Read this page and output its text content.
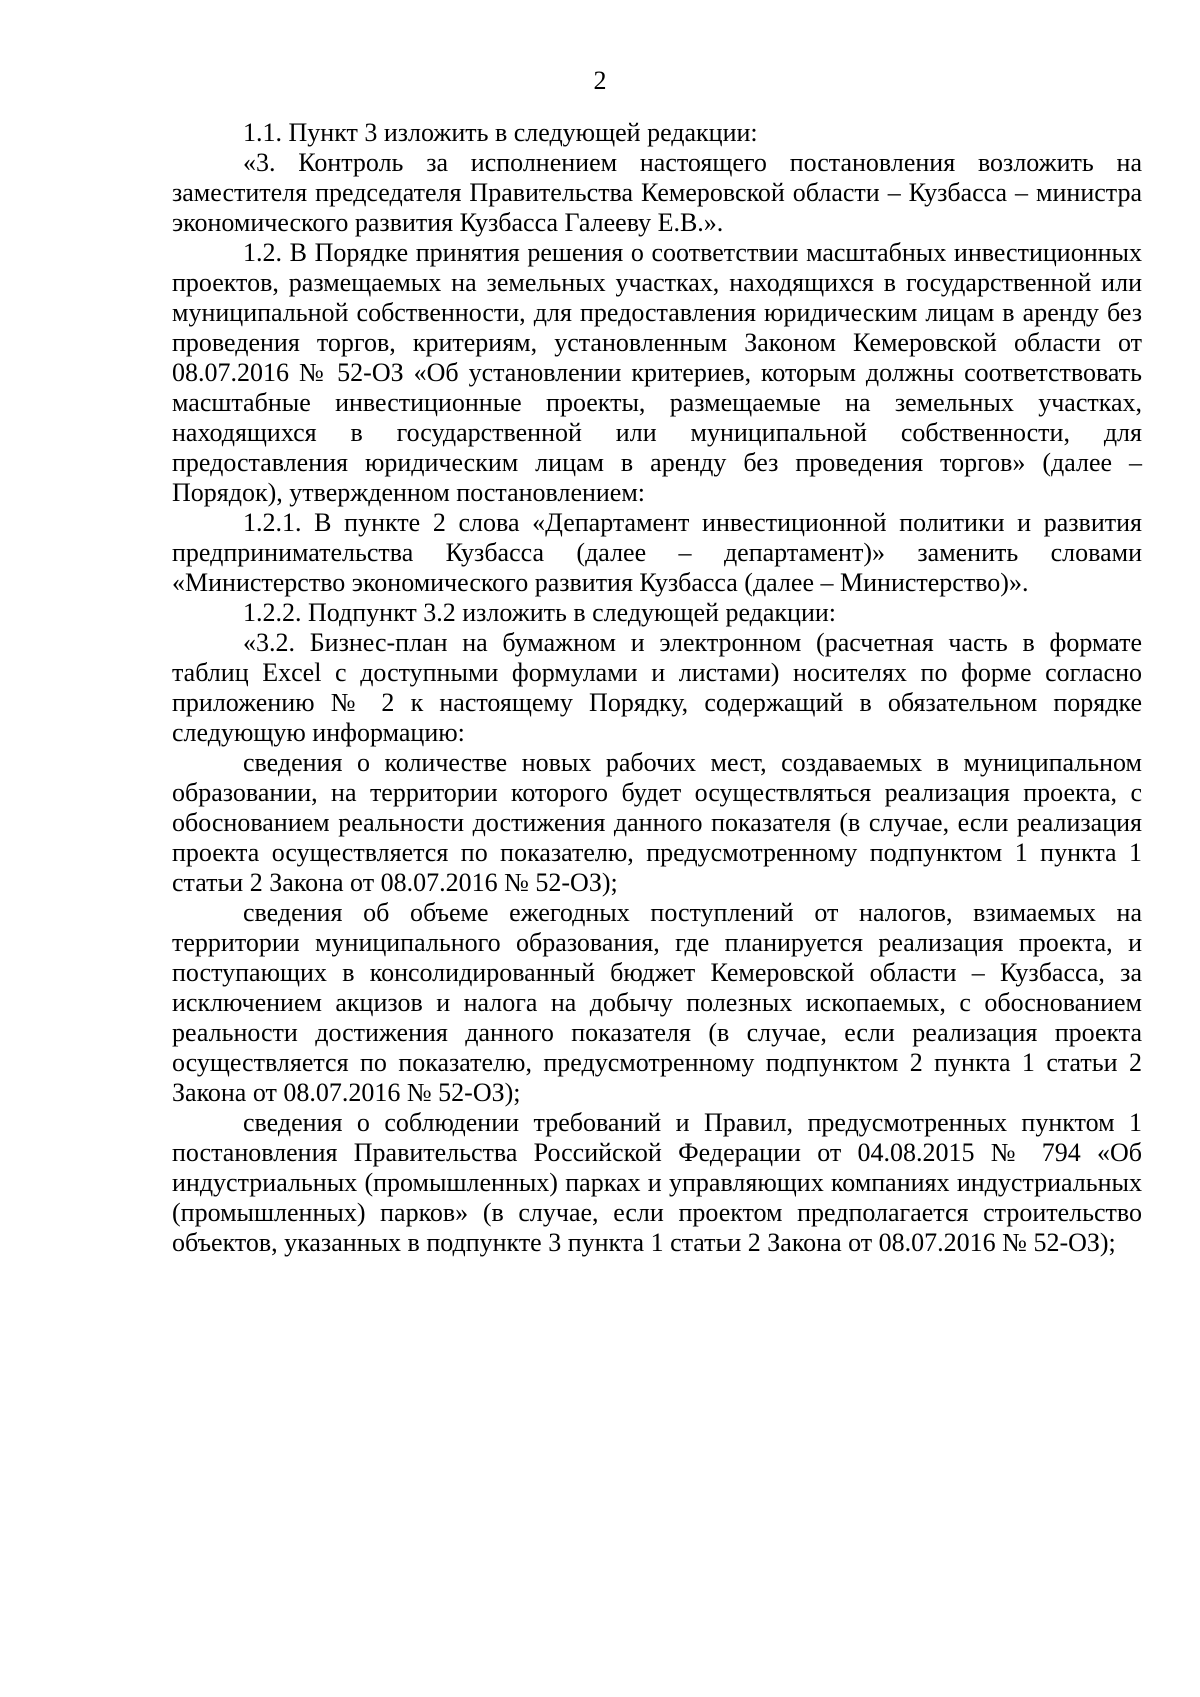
2

1.1. Пункт 3 изложить в следующей редакции:

«3. Контроль за исполнением настоящего постановления возложить на заместителя председателя Правительства Кемеровской области – Кузбасса – министра экономического развития Кузбасса Галееву Е.В.».

1.2. В Порядке принятия решения о соответствии масштабных инвестиционных проектов, размещаемых на земельных участках, находящихся в государственной или муниципальной собственности, для предоставления юридическим лицам в аренду без проведения торгов, критериям, установленным Законом Кемеровской области от 08.07.2016 № 52-ОЗ «Об установлении критериев, которым должны соответствовать масштабные инвестиционные проекты, размещаемые на земельных участках, находящихся в государственной или муниципальной собственности, для предоставления юридическим лицам в аренду без проведения торгов» (далее – Порядок), утвержденном постановлением:

1.2.1. В пункте 2 слова «Департамент инвестиционной политики и развития предпринимательства Кузбасса (далее – департамент)» заменить словами «Министерство экономического развития Кузбасса (далее – Министерство)».

1.2.2. Подпункт 3.2 изложить в следующей редакции:

«3.2. Бизнес-план на бумажном и электронном (расчетная часть в формате таблиц Excel с доступными формулами и листами) носителях по форме согласно приложению № 2 к настоящему Порядку, содержащий в обязательном порядке следующую информацию:

сведения о количестве новых рабочих мест, создаваемых в муниципальном образовании, на территории которого будет осуществляться реализация проекта, с обоснованием реальности достижения данного показателя (в случае, если реализация проекта осуществляется по показателю, предусмотренному подпунктом 1 пункта 1 статьи 2 Закона от 08.07.2016 № 52-ОЗ);

сведения об объеме ежегодных поступлений от налогов, взимаемых на территории муниципального образования, где планируется реализация проекта, и поступающих в консолидированный бюджет Кемеровской области – Кузбасса, за исключением акцизов и налога на добычу полезных ископаемых, с обоснованием реальности достижения данного показателя (в случае, если реализация проекта осуществляется по показателю, предусмотренному подпунктом 2 пункта 1 статьи 2 Закона от 08.07.2016 № 52-ОЗ);

сведения о соблюдении требований и Правил, предусмотренных пунктом 1 постановления Правительства Российской Федерации от 04.08.2015 № 794 «Об индустриальных (промышленных) парках и управляющих компаниях индустриальных (промышленных) парков» (в случае, если проектом предполагается строительство объектов, указанных в подпункте 3 пункта 1 статьи 2 Закона от 08.07.2016 № 52-ОЗ);
